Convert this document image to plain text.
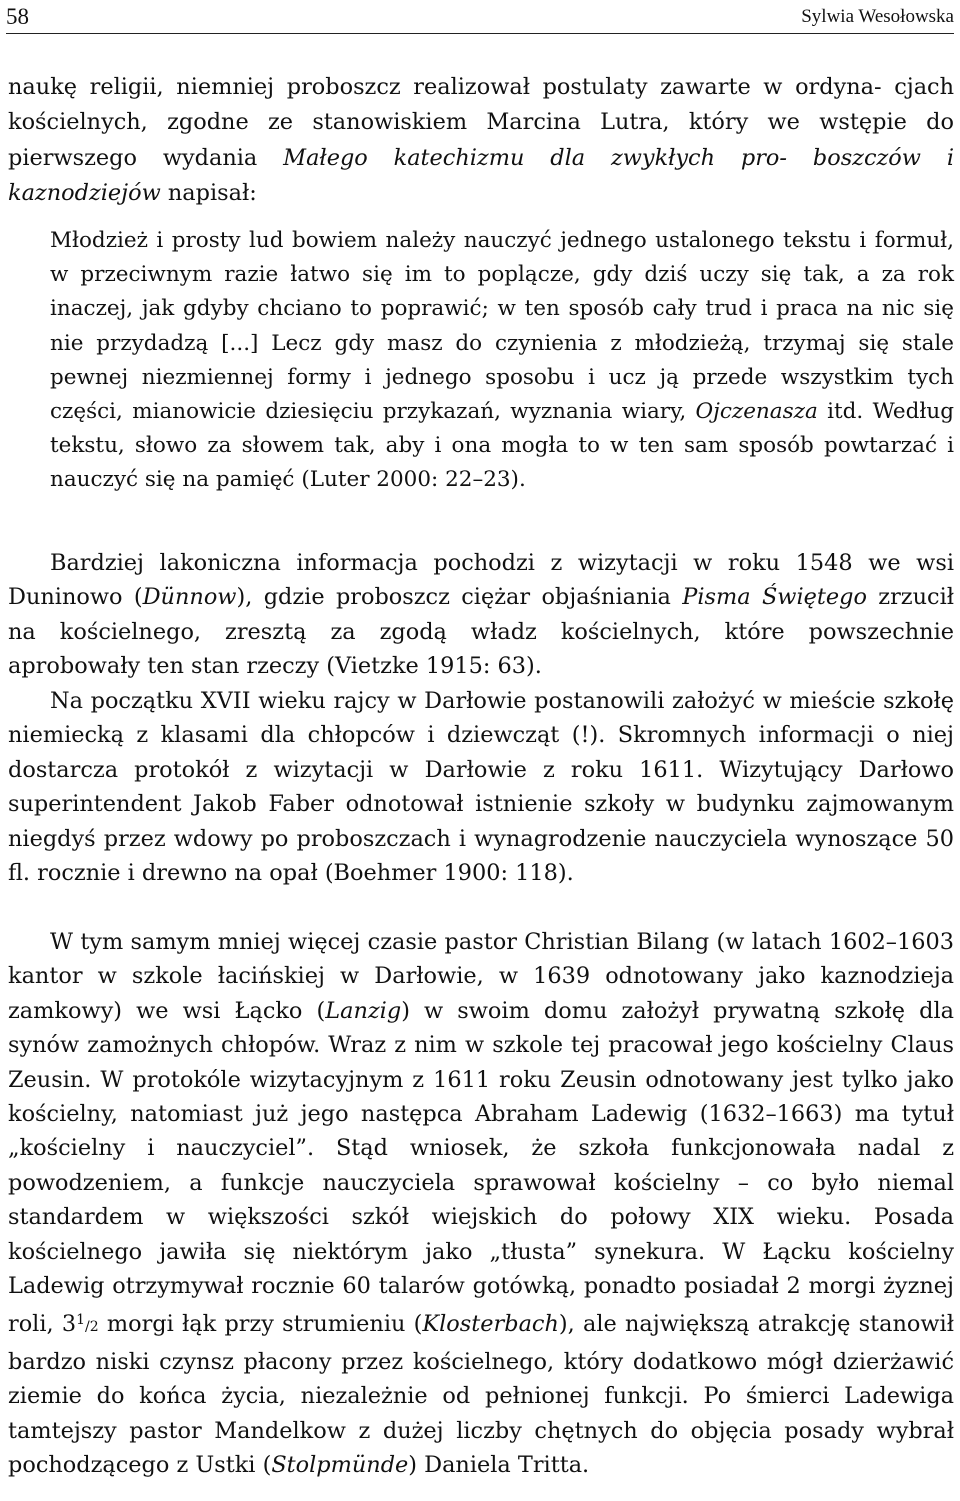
58	Sylwia Wesołowska
naukę religii, niemniej proboszcz realizował postulaty zawarte w ordyna- cjach kościelnych, zgodne ze stanowiskiem Marcina Lutra, który we wstępie do pierwszego wydania Małego katechizmu dla zwykłych pro- boszczów i kaznodziejów napisał:
Młodzież i prosty lud bowiem należy nauczyć jednego ustalonego tekstu i formuł, w przeciwnym razie łatwo się im to poplącze, gdy dziś uczy się tak, a za rok inaczej, jak gdyby chciano to poprawić; w ten sposób cały trud i praca na nic się nie przydadzą [...] Lecz gdy masz do czynienia z młodzieżą, trzymaj się stale pewnej niezmiennej formy i jednego sposobu i ucz ją przede wszystkim tych części, mianowicie dziesięciu przykazań, wyznania wiary, Ojczenasza itd. Według tekstu, słowo za słowem tak, aby i ona mogła to w ten sam sposób powtarzać i nauczyć się na pamięć (Luter 2000: 22–23).
Bardziej lakoniczna informacja pochodzi z wizytacji w roku 1548 we wsi Duninowo (Dünnow), gdzie proboszcz ciężar objaśniania Pisma Świętego zrzucił na kościelnego, zresztą za zgodą władz kościelnych, które powszechnie aprobowały ten stan rzeczy (Vietzke 1915: 63).
Na początku XVII wieku rajcy w Darłowie postanowili założyć w mieście szkołę niemiecką z klasami dla chłopców i dziewcząt (!). Skromnych informacji o niej dostarcza protokół z wizytacji w Darłowie z roku 1611. Wizytujący Darłowo superintendent Jakob Faber odnotował istnienie szkoły w budynku zajmowanym niegdyś przez wdowy po proboszczach i wynagrodzenie nauczyciela wynoszące 50 fl. rocznie i drewno na opał (Boehmer 1900: 118).
W tym samym mniej więcej czasie pastor Christian Bilang (w latach 1602–1603 kantor w szkole łacińskiej w Darłowie, w 1639 odnotowany jako kaznodzieja zamkowy) we wsi Łącko (Lanzig) w swoim domu założył prywatną szkołę dla synów zamożnych chłopów. Wraz z nim w szkole tej pracował jego kościelny Claus Zeusin. W protokóle wizytacyjnym z 1611 roku Zeusin odnotowany jest tylko jako kościelny, natomiast już jego następca Abraham Ladewig (1632–1663) ma tytuł „kościelny i nauczyciel”. Stąd wniosek, że szkoła funkcjonowała nadal z powodzeniem, a funkcje nauczyciela sprawował kościelny – co było niemal standardem w większości szkół wiejskich do połowy XIX wieku. Posada kościelnego jawiła się niektórym jako „tłusta” synekura. W Łącku kościelny Ladewig otrzymywał rocznie 60 talarów gotówką, ponadto posiadał 2 morgi żyznej roli, $3^1/2$ morgi łąk przy strumieniu (Klosterbach), ale największą atrakcję stanowił bardzo niski czynsz płacony przez kościelnego, który dodatkowo mógł dzierżawić ziemie do końca życia, niezależnie od pełnionej funkcji. Po śmierci Ladewiga tamtejszy pastor Mandelkow z dużej liczby chętnych do objęcia posady wybrał pochodzącego z Ustki (Stolpmünde) Daniela Tritta.
